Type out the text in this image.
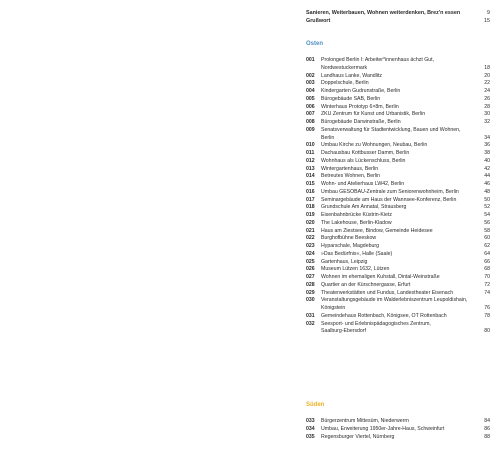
Sanieren, Weiterbauen, Wohnen weiterdenken, Brez'n essen	9
Grußwort	15
Osten
001	Prolonged Berlin I: Arbeiter*innenhaus ächzt Gut,
Nordwestuckermark	18
002	Landhaus Lanke, Wandlitz	20
003	Doppelschule, Berlin	22
004	Kindergarten Gudrunstraße, Berlin	24
005	Bürogebäude SAB, Berlin	26
006	Winterhaus Prototyp 6×8m, Berlin	28
007	ZKU Zentrum für Kunst und Urbanistik, Berlin	30
008	Bürogebäude Darwinstraße, Berlin	32
009	Senatsverwaltung für Stadtentwicklung, Bauen und Wohnen,
Berlin	34
010	Umbau Kirche zu Wohnungen, Neubau, Berlin	36
011	Dachausbau Kottbusser Damm, Berlin	38
012	Wohnhaus als Lückenschluss, Berlin	40
013	Wintergartenhaus, Berlin	42
014	Betreutes Wohnen, Berlin	44
015	Wohn- und Atelierhaus LW42, Berlin	46
016	Umbau GESOBAU-Zentrale zum Seniorenwohnheim, Berlin	48
017	Seminargebäude am Haus der Wannsee-Konferenz, Berlin	50
018	Grundschule Am Annatal, Strausberg	52
019	Eisenbahnbrücke Küstrin-Kietz	54
020	The Lakehouse, Berlin-Kladow	56
021	Haus am Ziestsee, Bindow, Gemeinde Heidesee	58
022	Burghofbühne Beeskow	60
023	Hyparschale, Magdeburg	62
024	»Das Bedürfnis«, Halle (Saale)	64
025	Gartenhaus, Leipzig	66
026	Museum Lützen 1632, Lützen	68
027	Wohnen im ehemaligen Kuhstall, Dintal-Weinstraße	70
028	Quartier an der Kürschnergasse, Erfurt	72
029	Theaterwerkstätten und Fundus, Landestheater Eisenach	74
030	Veranstaltungsgebäude im Walderlebniszentrum Leupoldishain,
Königstein	76
031	Gemeindehaus Rottenbach, Königsee, OT Rottenbach	78
032	Seesport- und Erlebnispädagogisches Zentrum,
Saalburg-Ebersdorf	80
Süden
033	Bürgerzentrum Mittesüm, Niederwerrn	84
034	Umbau, Erweiterung 1950er-Jahre-Haus, Schweinfurt	86
035	Regensburger Viertel, Nürnberg	88
